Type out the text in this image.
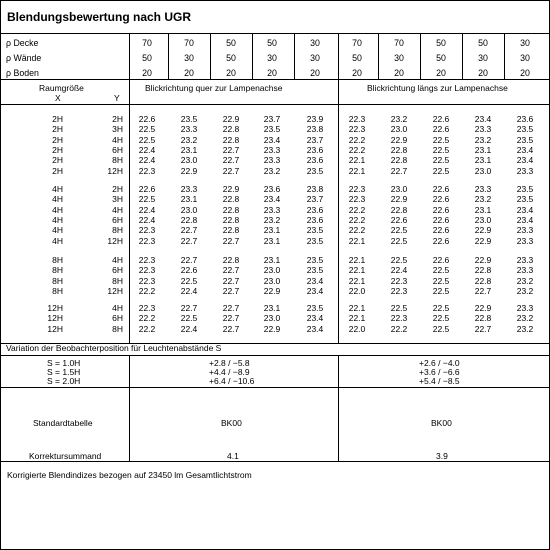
Blendungsbewertung nach UGR
ρ Decke	70	70	50	50	30	70	70	50	50	30
ρ Wände	50	30	50	30	30	50	30	50	30	30
ρ Boden	20	20	20	20	20	20	20	20	20	20
Raumgröße
X	Y
Blickrichtung quer zur Lampenachse	Blickrichtung längs zur Lampenachse
2H	2H	22.6	23.5	22.9	23.7	23.9	22.3	23.2	22.6	23.4	23.6
2H	3H	22.5	23.3	22.8	23.5	23.8	22.3	23.0	22.6	23.3	23.5
2H	4H	22.5	23.2	22.8	23.4	23.7	22.2	22.9	22.5	23.2	23.5
2H	6H	22.4	23.1	22.7	23.3	23.6	22.2	22.8	22.5	23.1	23.4
2H	8H	22.4	23.0	22.7	23.3	23.6	22.1	22.8	22.5	23.1	23.4
2H	12H	22.3	22.9	22.7	23.2	23.5	22.1	22.7	22.5	23.0	23.3
4H	2H	22.6	23.3	22.9	23.6	23.8	22.3	23.0	22.6	23.3	23.5
4H	3H	22.5	23.1	22.8	23.4	23.7	22.3	22.9	22.6	23.2	23.5
4H	4H	22.4	23.0	22.8	23.3	23.6	22.2	22.8	22.6	23.1	23.4
4H	6H	22.4	22.8	22.8	23.2	23.6	22.2	22.6	22.6	23.0	23.4
4H	8H	22.3	22.7	22.8	23.1	23.5	22.2	22.5	22.6	22.9	23.3
4H	12H	22.3	22.7	22.7	23.1	23.5	22.1	22.5	22.6	22.9	23.3
8H	4H	22.3	22.7	22.8	23.1	23.5	22.1	22.5	22.6	22.9	23.3
8H	6H	22.3	22.6	22.7	23.0	23.5	22.1	22.4	22.5	22.8	23.3
8H	8H	22.3	22.5	22.7	23.0	23.4	22.1	22.3	22.5	22.8	23.2
8H	12H	22.2	22.4	22.7	22.9	23.4	22.0	22.3	22.5	22.7	23.2
12H	4H	22.3	22.7	22.7	23.1	23.5	22.1	22.5	22.5	22.9	23.3
12H	6H	22.2	22.5	22.7	23.0	23.4	22.1	22.3	22.5	22.8	23.2
12H	8H	22.2	22.4	22.7	22.9	23.4	22.0	22.2	22.5	22.7	23.2
Variation der Beobachterposition für Leuchtenabstände S
S = 1.0H	+2.8 / −5.8	+2.6 / −4.0
S = 1.5H	+4.4 / −8.9	+3.6 / −6.6
S = 2.0H	+6.4 / −10.6	+5.4 / −8.5
Standardtabelle	BK00	BK00
Korrektursummand	4.1	3.9
Korrigierte Blendindizes bezogen auf 23450 lm Gesamtlichtstrom
